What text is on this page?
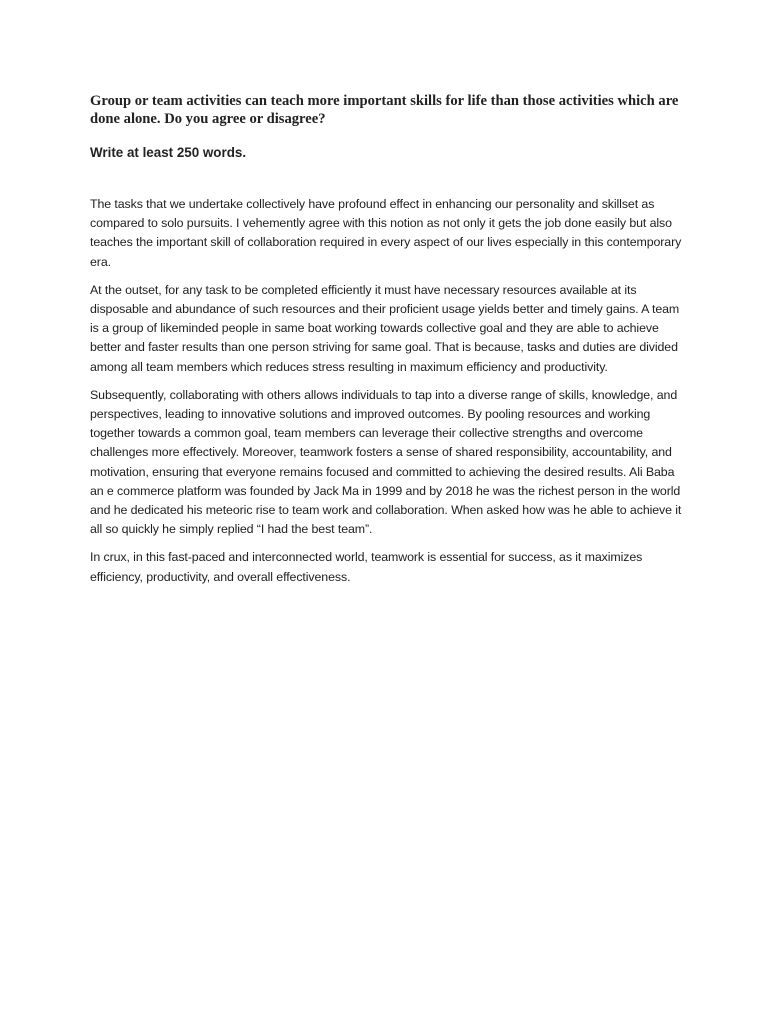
Group or team activities can teach more important skills for life than those activities which are done alone. Do you agree or disagree?

Write at least 250 words.

The tasks that we undertake collectively have profound effect in enhancing our personality and skillset as compared to solo pursuits. I vehemently agree with this notion as not only it gets the job done easily but also teaches the important skill of collaboration required in every aspect of our lives especially in this contemporary era.

At the outset, for any task to be completed efficiently it must have necessary resources available at its disposable and abundance of such resources and their proficient usage yields better and timely gains. A team is a group of likeminded people in same boat working towards collective goal and they are able to achieve better and faster results than one person striving for same goal. That is because, tasks and duties are divided among all team members which reduces stress resulting in maximum efficiency and productivity.

Subsequently, collaborating with others allows individuals to tap into a diverse range of skills, knowledge, and perspectives, leading to innovative solutions and improved outcomes. By pooling resources and working together towards a common goal, team members can leverage their collective strengths and overcome challenges more effectively. Moreover, teamwork fosters a sense of shared responsibility, accountability, and motivation, ensuring that everyone remains focused and committed to achieving the desired results. Ali Baba an e commerce platform was founded by Jack Ma in 1999 and by 2018 he was the richest person in the world and he dedicated his meteoric rise to team work and collaboration. When asked how was he able to achieve it all so quickly he simply replied “I had the best team”.

In crux, in this fast-paced and interconnected world, teamwork is essential for success, as it maximizes efficiency, productivity, and overall effectiveness.
